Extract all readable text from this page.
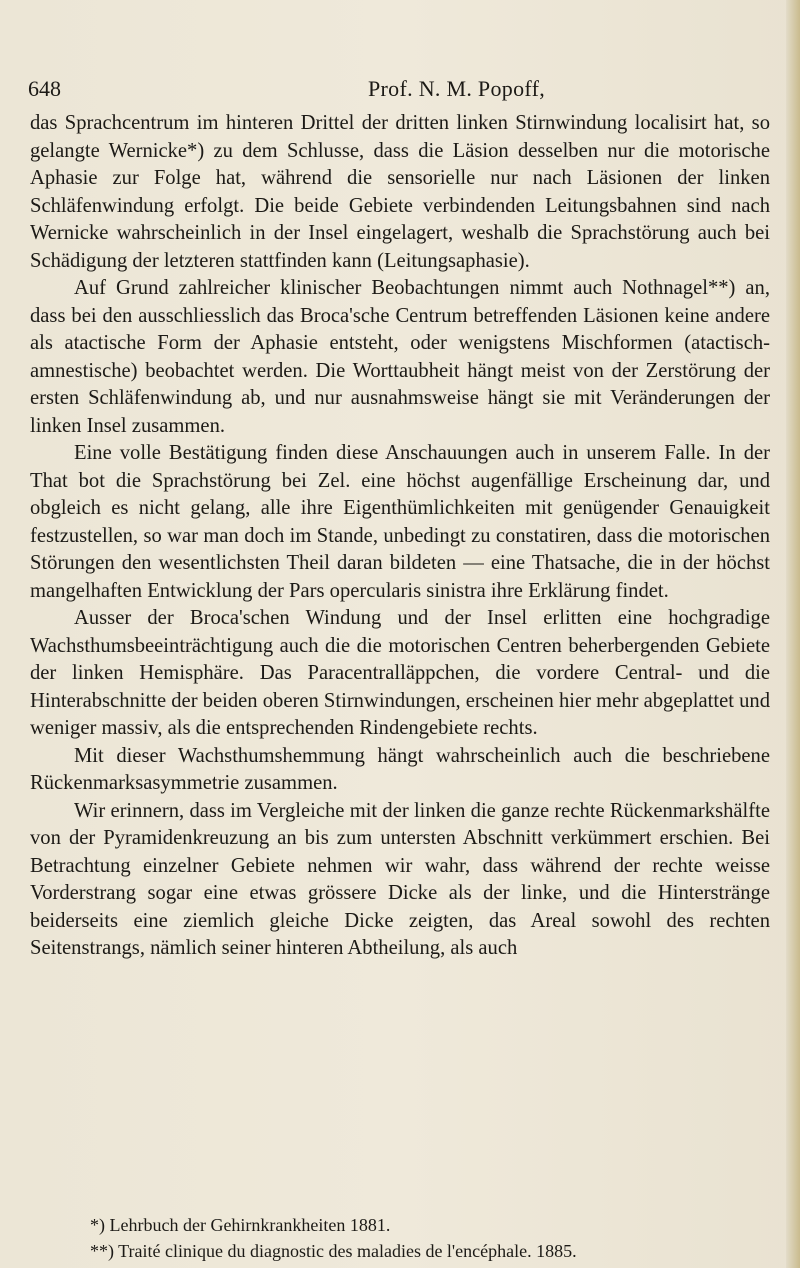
648	Prof. N. M. Popoff,

das Sprachcentrum im hinteren Drittel der dritten linken Stirnwindung localisirt hat, so gelangte Wernicke*) zu dem Schlusse, dass die Läsion desselben nur die motorische Aphasie zur Folge hat, während die sensorielle nur nach Läsionen der linken Schläfenwindung erfolgt. Die beide Gebiete verbindenden Leitungsbahnen sind nach Wernicke wahrscheinlich in der Insel eingelagert, weshalb die Sprachstörung auch bei Schädigung der letzteren stattfinden kann (Leitungsaphasie).

Auf Grund zahlreicher klinischer Beobachtungen nimmt auch Nothnagel**) an, dass bei den ausschliesslich das Broca'sche Centrum betreffenden Läsionen keine andere als atactische Form der Aphasie entsteht, oder wenigstens Mischformen (atactisch-amnestische) beobachtet werden. Die Worttaubheit hängt meist von der Zerstörung der ersten Schläfenwindung ab, und nur ausnahmsweise hängt sie mit Veränderungen der linken Insel zusammen.

Eine volle Bestätigung finden diese Anschauungen auch in unserem Falle. In der That bot die Sprachstörung bei Zel. eine höchst augenfällige Erscheinung dar, und obgleich es nicht gelang, alle ihre Eigenthümlichkeiten mit genügender Genauigkeit festzustellen, so war man doch im Stande, unbedingt zu constatiren, dass die motorischen Störungen den wesentlichsten Theil daran bildeten — eine Thatsache, die in der höchst mangelhaften Entwicklung der Pars opercularis sinistra ihre Erklärung findet.

Ausser der Broca'schen Windung und der Insel erlitten eine hochgradige Wachsthumsbeeinträchtigung auch die die motorischen Centren beherbergenden Gebiete der linken Hemisphäre. Das Paracentralläppchen, die vordere Central- und die Hinterabschnitte der beiden oberen Stirnwindungen, erscheinen hier mehr abgeplattet und weniger massiv, als die entsprechenden Rindengebiete rechts.

Mit dieser Wachsthumshemmung hängt wahrscheinlich auch die beschriebene Rückenmarksasymmetrie zusammen.

Wir erinnern, dass im Vergleiche mit der linken die ganze rechte Rückenmarkshälfte von der Pyramidenkreuzung an bis zum untersten Abschnitt verkümmert erschien. Bei Betrachtung einzelner Gebiete nehmen wir wahr, dass während der rechte weisse Vorderstrang sogar eine etwas grössere Dicke als der linke, und die Hinterstränge beiderseits eine ziemlich gleiche Dicke zeigten, das Areal sowohl des rechten Seitenstrangs, nämlich seiner hinteren Abtheilung, als auch

*) Lehrbuch der Gehirnkrankheiten 1881.
**) Traité clinique du diagnostic des maladies de l'encéphale. 1885.
